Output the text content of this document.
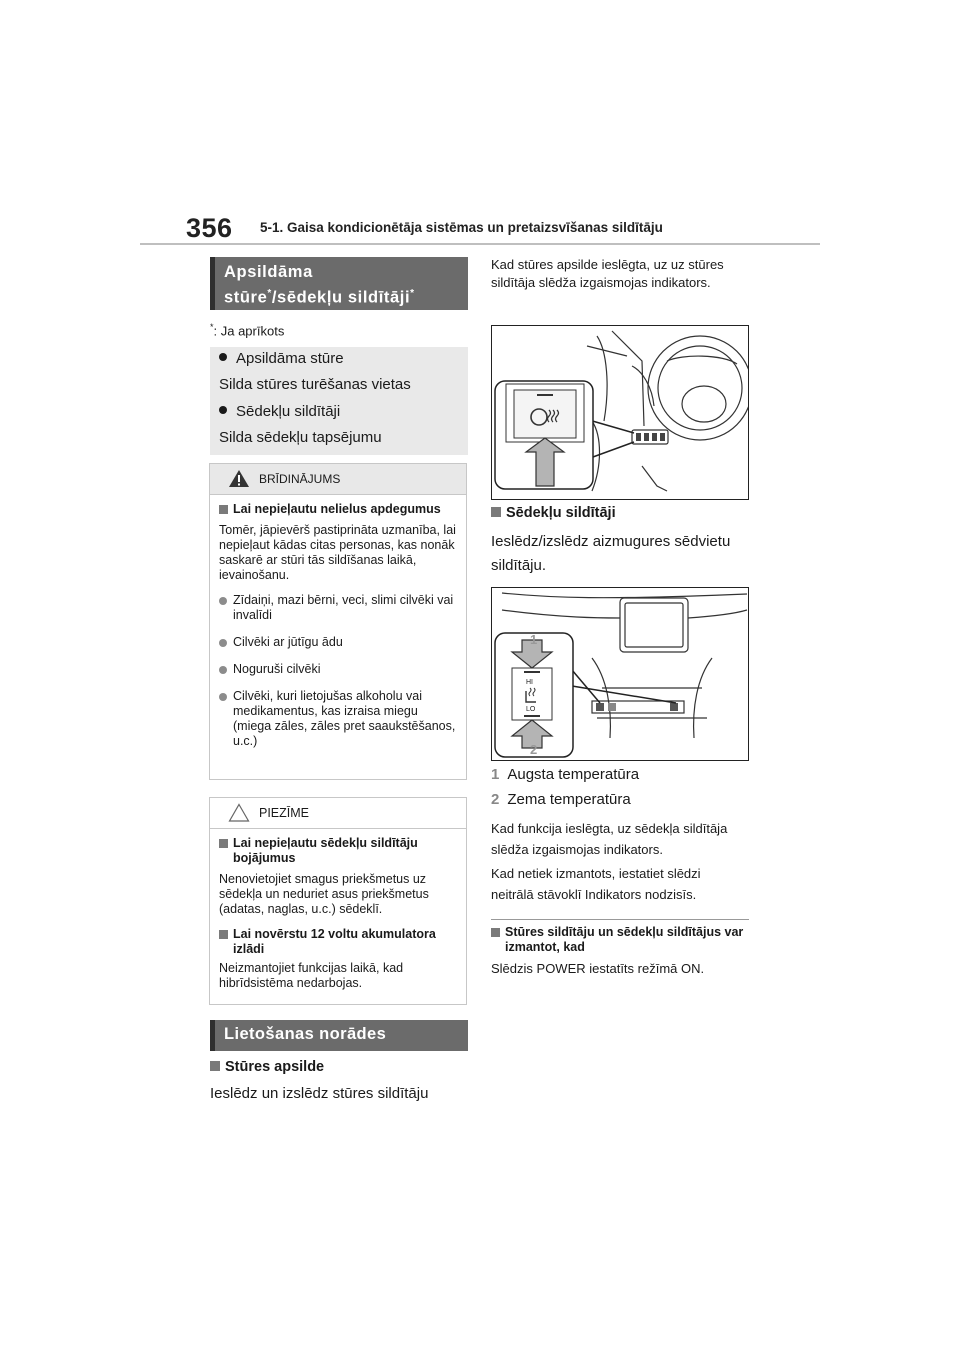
356 5-1. Gaisa kondicionētāja sistēmas un pretaizsvīšanas sildītāju
Apsildāma
stūre*/sēdekļu sildītāji*
*: Ja aprīkots
Apsildāma stūre
Silda stūres turēšanas vietas
Sēdekļu sildītāji
Silda sēdekļu tapsējumu
BRĪDINĀJUMS
Lai nepieļautu nelielus apdegumus
Tomēr, jāpievērš pastiprināta uzmanība, lai nepieļaut kādas citas personas, kas nonāk saskarē ar stūri tās sildīšanas laikā, ievainošanu.
Zīdaiņi, mazi bērni, veci, slimi cilvēki vai invalīdi
Cilvēki ar jūtīgu ādu
Noguruši cilvēki
Cilvēki, kuri lietojušas alkoholu vai medikamentus, kas izraisa miegu (miega zāles, zāles pret saaukstēšanos, u.c.)
PIEZĪME
Lai nepieļautu sēdekļu sildītāju bojājumus
Nenovietojiet smagus priekšmetus uz sēdekļa un neduriet asus priekšmetus (adatas, naglas, u.c.) sēdeklī.
Lai novērstu 12 voltu akumulatora izlādi
Neizmantojiet funkcijas laikā, kad hibrīdsistēma nedarbojas.
Lietošanas norādes
Stūres apsilde
Ieslēdz un izslēdz stūres sildītāju
Kad stūres apsilde ieslēgta, uz uz stūres sildītāja slēdža izgaismojas indikators.
Sēdekļu sildītāji
Ieslēdz/izslēdz aizmugures sēdvietu sildītāju.
HI
LO
1
2
1 Augsta temperatūra
2 Zema temperatūra
Kad funkcija ieslēgta, uz sēdekļa sildītāja slēdža izgaismojas indikators.
Kad netiek izmantots, iestatiet slēdzi neitrālā stāvoklī Indikators nodzisīs.
Stūres sildītāju un sēdekļu sildītājus var izmantot, kad
Slēdzis POWER iestatīts režīmā ON.
